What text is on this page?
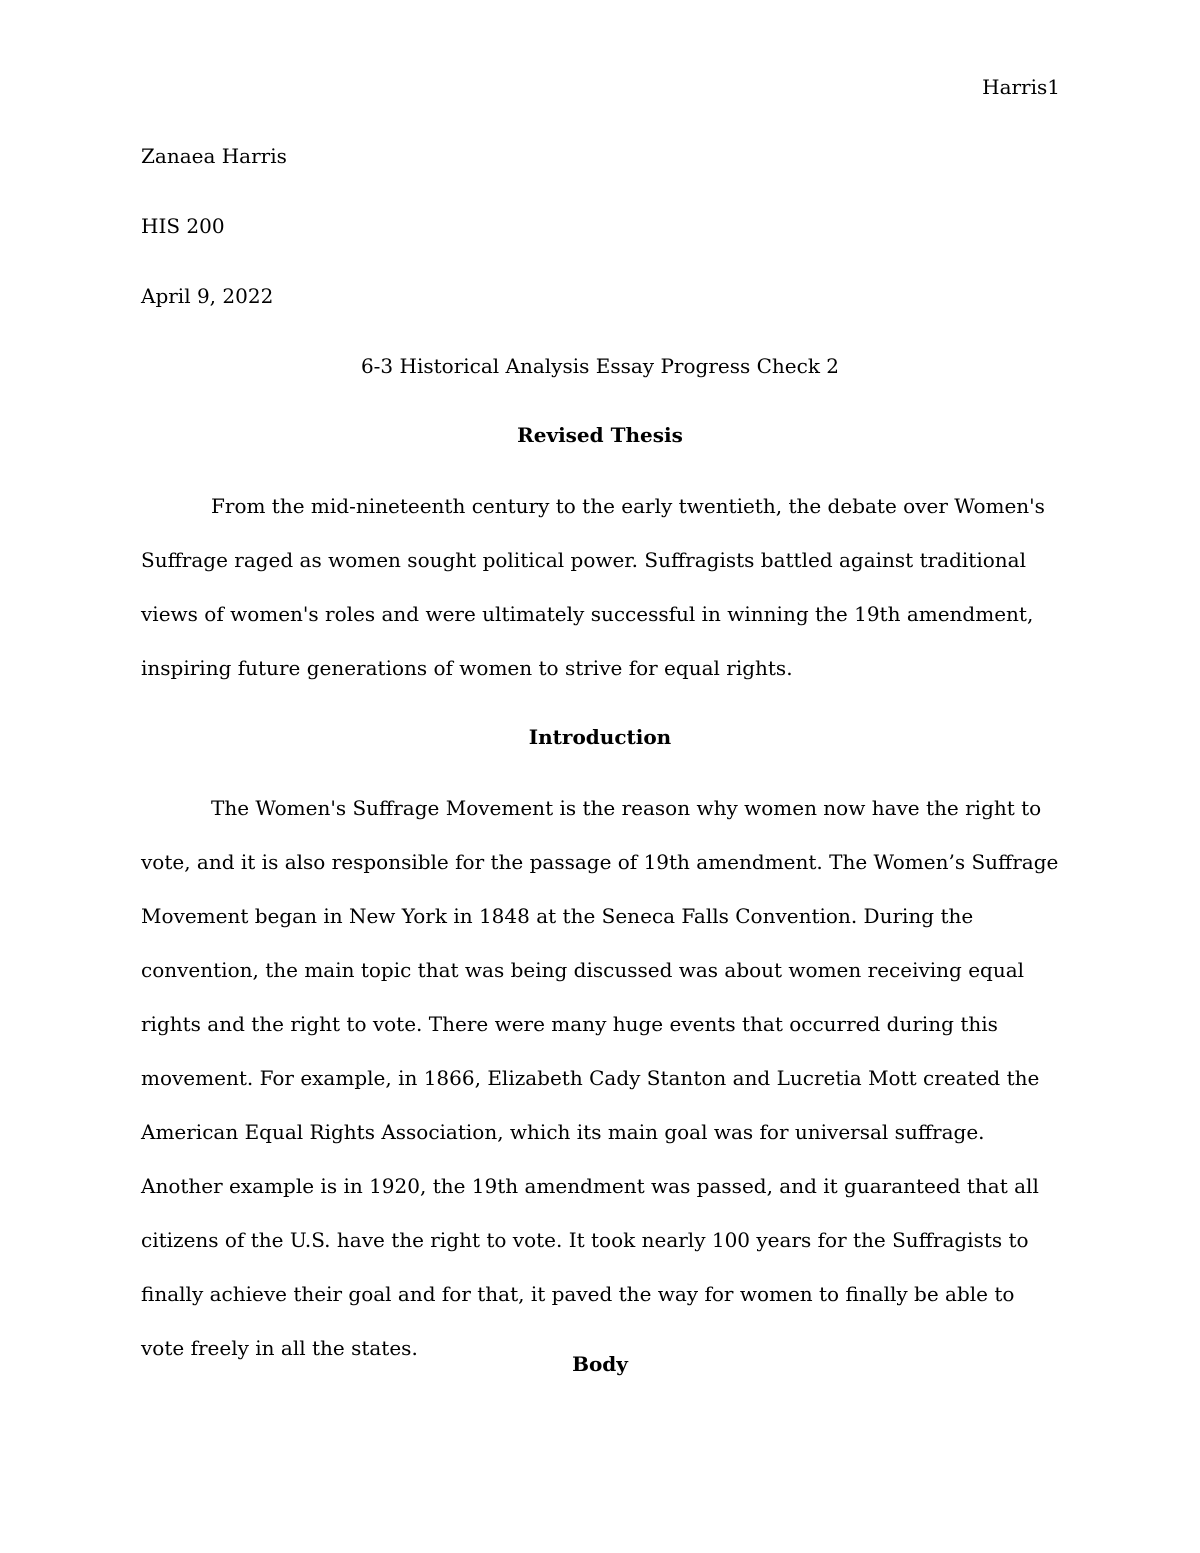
Harris1
Zanaea Harris
HIS 200
April 9, 2022
6-3 Historical Analysis Essay Progress Check 2
Revised Thesis

From the mid-nineteenth century to the early twentieth, the debate over Women's Suffrage raged as women sought political power. Suffragists battled against traditional views of women's roles and were ultimately successful in winning the 19th amendment, inspiring future generations of women to strive for equal rights.

Introduction

The Women's Suffrage Movement is the reason why women now have the right to vote, and it is also responsible for the passage of 19th amendment. The Women’s Suffrage Movement began in New York in 1848 at the Seneca Falls Convention. During the convention, the main topic that was being discussed was about women receiving equal rights and the right to vote. There were many huge events that occurred during this movement. For example, in 1866, Elizabeth Cady Stanton and Lucretia Mott created the American Equal Rights Association, which its main goal was for universal suffrage. Another example is in 1920, the 19th amendment was passed, and it guaranteed that all citizens of the U.S. have the right to vote. It took nearly 100 years for the Suffragists to finally achieve their goal and for that, it paved the way for women to finally be able to vote freely in all the states.

Body
